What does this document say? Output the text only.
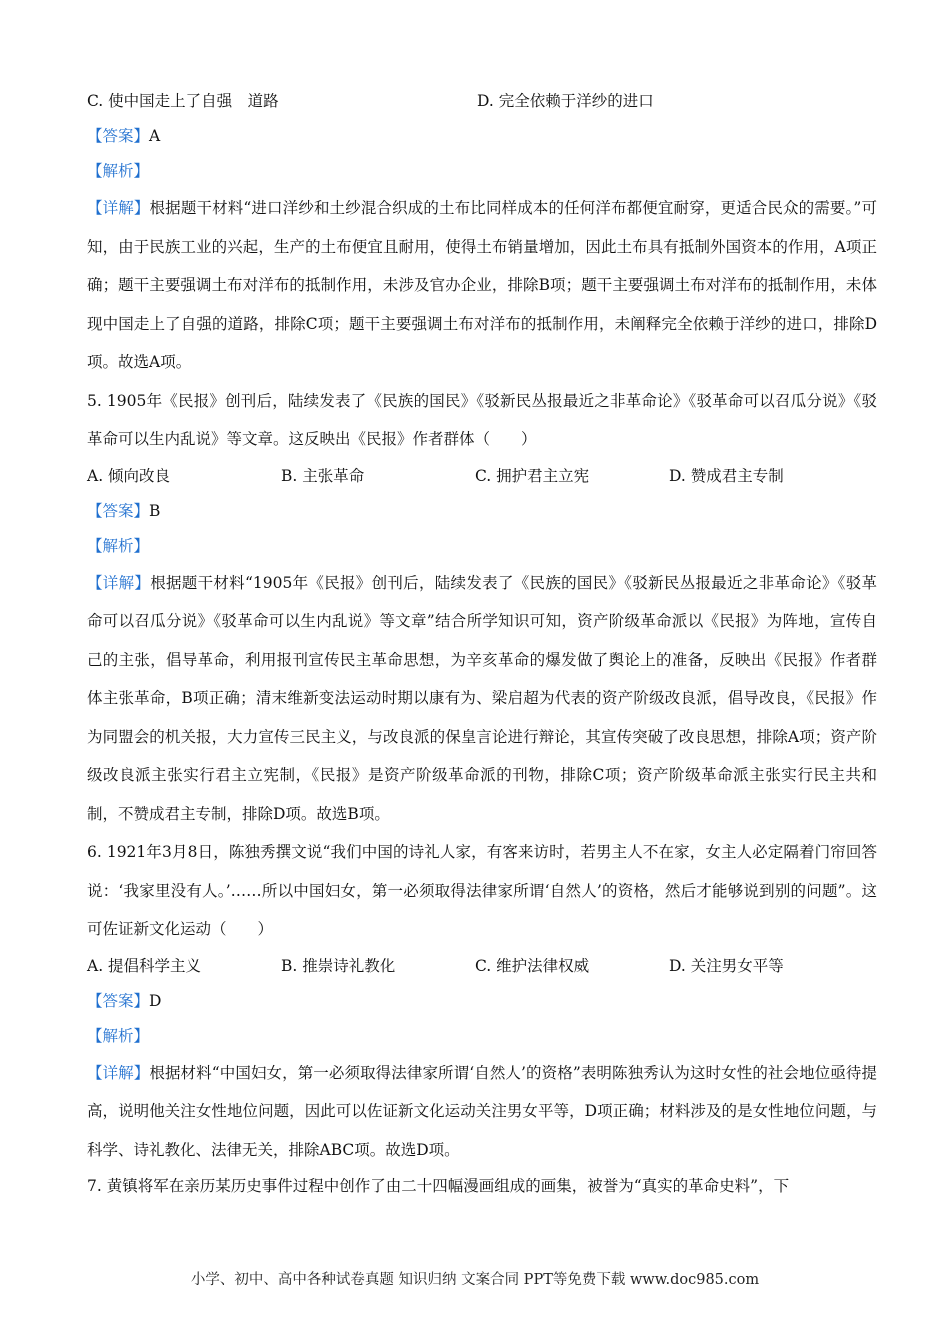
C. 使中国走上了自强　道路	D. 完全依赖于洋纱的进口
【答案】A
【解析】
【详解】根据题干材料“进口洋纱和土纱混合织成的土布比同样成本的任何洋布都便宜耐穿，更适合民众的需要。”可知，由于民族工业的兴起，生产的土布便宜且耐用，使得土布销量增加，因此土布具有抵制外国资本的作用，A项正确；题干主要强调土布对洋布的抵制作用，未涉及官办企业，排除B项；题干主要强调土布对洋布的抵制作用，未体现中国走上了自强的道路，排除C项；题干主要强调土布对洋布的抵制作用，未阐释完全依赖于洋纱的进口，排除D项。故选A项。
5. 1905年《民报》创刊后，陆续发表了《民族的国民》《驳新民丛报最近之非革命论》《驳革命可以召瓜分说》《驳革命可以生内乱说》等文章。这反映出《民报》作者群体（　　）
A. 倾向改良	B. 主张革命	C. 拥护君主立宪	D. 赞成君主专制
【答案】B
【解析】
【详解】根据题干材料“1905年《民报》创刊后，陆续发表了《民族的国民》《驳新民丛报最近之非革命论》《驳革命可以召瓜分说》《驳革命可以生内乱说》等文章”结合所学知识可知，资产阶级革命派以《民报》为阵地，宣传自己的主张，倡导革命，利用报刊宣传民主革命思想，为辛亥革命的爆发做了舆论上的准备，反映出《民报》作者群体主张革命，B项正确；清末维新变法运动时期以康有为、梁启超为代表的资产阶级改良派，倡导改良，《民报》作为同盟会的机关报，大力宣传三民主义，与改良派的保皇言论进行辩论，其宣传突破了改良思想，排除A项；资产阶级改良派主张实行君主立宪制，《民报》是资产阶级革命派的刊物，排除C项；资产阶级革命派主张实行民主共和制，不赞成君主专制，排除D项。故选B项。
6. 1921年3月8日，陈独秀撰文说“我们中国的诗礼人家，有客来访时，若男主人不在家，女主人必定隔着门帘回答说：‘我家里没有人。’……所以中国妇女，第一必须取得法律家所谓‘自然人’的资格，然后才能够说到别的问题”。这可佐证新文化运动（　　）
A. 提倡科学主义	B. 推崇诗礼教化	C. 维护法律权威	D. 关注男女平等
【答案】D
【解析】
【详解】根据材料“中国妇女，第一必须取得法律家所谓‘自然人’的资格”表明陈独秀认为这时女性的社会地位亟待提高，说明他关注女性地位问题，因此可以佐证新文化运动关注男女平等，D项正确；材料涉及的是女性地位问题，与科学、诗礼教化、法律无关，排除ABC项。故选D项。
7. 黄镇将军在亲历某历史事件过程中创作了由二十四幅漫画组成的画集，被誉为“真实的革命史料”，下
小学、初中、高中各种试卷真题 知识归纳 文案合同 PPT等免费下载 www.doc985.com
